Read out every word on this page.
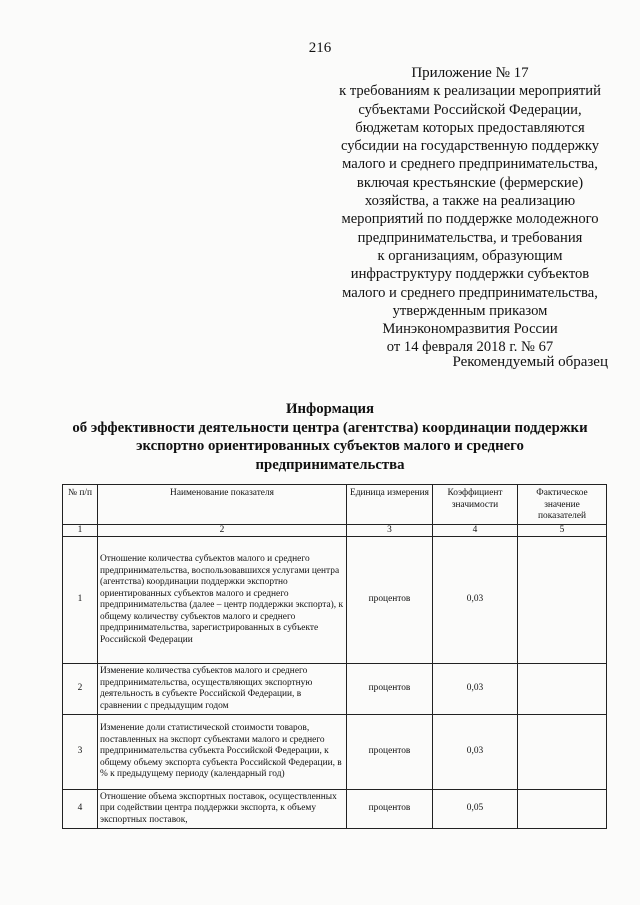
216
Приложение № 17
к требованиям к реализации мероприятий
субъектами Российской Федерации,
бюджетам которых предоставляются
субсидии на государственную поддержку
малого и среднего предпринимательства,
включая крестьянские (фермерские)
хозяйства, а также на реализацию
мероприятий по поддержке молодежного
предпринимательства, и требования
к организациям, образующим
инфраструктуру поддержки субъектов
малого и среднего предпринимательства,
утвержденным приказом
Минэкономразвития России
от 14 февраля 2018 г. № 67
Рекомендуемый образец
Информация
об эффективности деятельности центра (агентства) координации поддержки
экспортно ориентированных субъектов малого и среднего
предпринимательства
№ п/п	Наименование показателя	Единица измерения	Коэффициент значимости	Фактическое значение показателей
1	2	3	4	5
1	Отношение количества субъектов малого и среднего предпринимательства, воспользовавшихся услугами центра (агентства) координации поддержки экспортно ориентированных субъектов малого и среднего предпринимательства (далее – центр поддержки экспорта), к общему количеству субъектов малого и среднего предпринимательства, зарегистрированных в субъекте Российской Федерации	процентов	0,03	
2	Изменение количества субъектов малого и среднего предпринимательства, осуществляющих экспортную деятельность в субъекте Российской Федерации, в сравнении с предыдущим годом	процентов	0,03	
3	Изменение доли статистической стоимости товаров, поставленных на экспорт субъектами малого и среднего предпринимательства субъекта Российской Федерации, к общему объему экспорта субъекта Российской Федерации, в % к предыдущему периоду (календарный год)	процентов	0,03	
4	Отношение объема экспортных поставок, осуществленных при содействии центра поддержки экспорта, к объему экспортных поставок,	процентов	0,05	
